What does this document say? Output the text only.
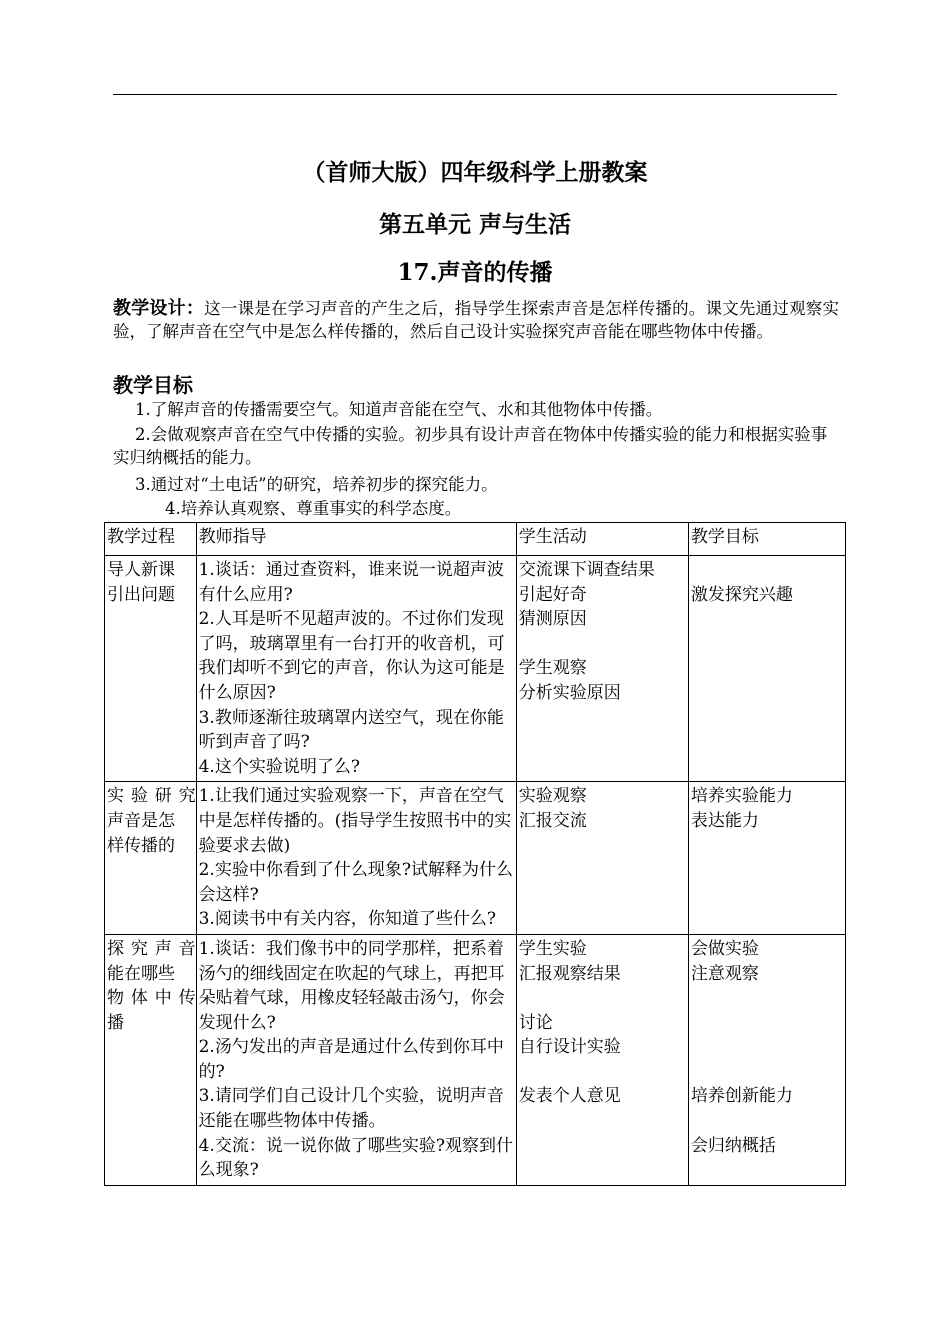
（首师大版）四年级科学上册教案
第五单元 声与生活
17.声音的传播
教学设计：这一课是在学习声音的产生之后，指导学生探索声音是怎样传播的。课文先通过观察实验，了解声音在空气中是怎么样传播的，然后自己设计实验探究声音能在哪些物体中传播。
教学目标
1.了解声音的传播需要空气。知道声音能在空气、水和其他物体中传播。
2.会做观察声音在空气中传播的实验。初步具有设计声音在物体中传播实验的能力和根据实验事实归纳概括的能力。
3.通过对“土电话”的研究，培养初步的探究能力。
4.培养认真观察、尊重事实的科学态度。
教学过程	教师指导	学生活动	教学目标

导人新课
引出问题	1.谈话：通过查资料，谁来说一说超声波有什么应用?
2.人耳是听不见超声波的。不过你们发现了吗，玻璃罩里有一台打开的收音机，可我们却听不到它的声音，你认为这可能是什么原因?
3.教师逐渐往玻璃罩内送空气，现在你能听到声音了吗?
4.这个实验说明了么?	交流课下调查结果
引起好奇
猜测原因
学生观察
分析实验原因	激发探究兴趣

实验研究
声音是怎
样传播的	1.让我们通过实验观察一下，声音在空气中是怎样传播的。(指导学生按照书中的实验要求去做)
2.实验中你看到了什么现象?试解释为什么会这样?
3.阅读书中有关内容，你知道了些什么?	实验观察
汇报交流	培养实验能力
表达能力

探究声音
能在哪些
物体中传
播	1.谈话：我们像书中的同学那样，把系着汤勺的细线固定在吹起的气球上，再把耳朵贴着气球，用橡皮轻轻敲击汤勺，你会发现什么?
2.汤勺发出的声音是通过什么传到你耳中的?
3.请同学们自己设计几个实验，说明声音还能在哪些物体中传播。
4.交流：说一说你做了哪些实验?观察到什么现象?	学生实验
汇报观察结果
讨论
自行设计实验
发表个人意见	会做实验
注意观察
培养创新能力
会归纳概括
